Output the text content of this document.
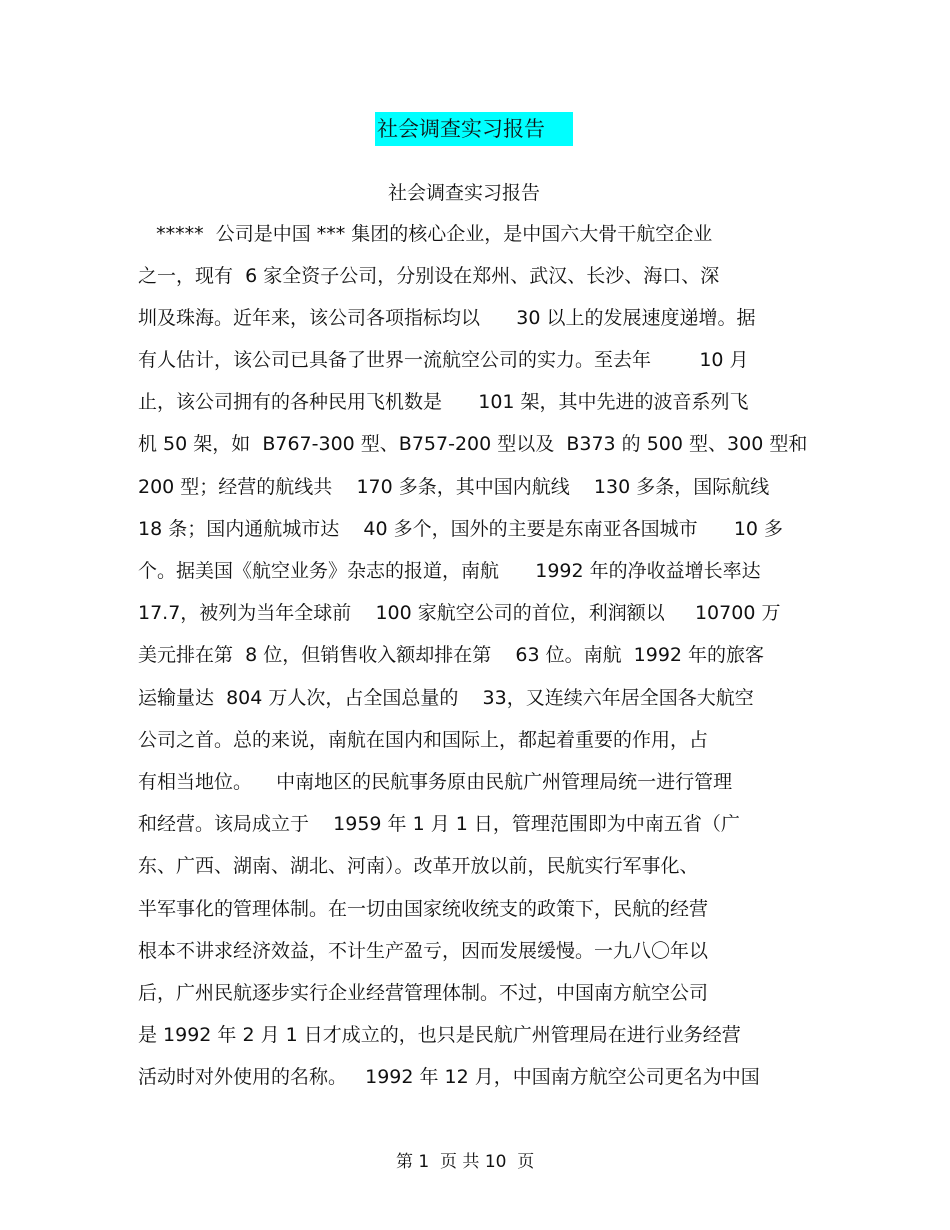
社会调查实习报告
社会调查实习报告
*****  公司是中国 *** 集团的核心企业，是中国六大骨干航空企业
之一，现有  6 家全资子公司，分别设在郑州、武汉、长沙、海口、深
圳及珠海。近年来，该公司各项指标均以      30 以上的发展速度递增。据
有人估计，该公司已具备了世界一流航空公司的实力。至去年        10 月
止，该公司拥有的各种民用飞机数是      101 架，其中先进的波音系列飞
机 50 架，如  B767-300 型、B757-200 型以及  B373 的 500 型、300 型和
200 型；经营的航线共    170 多条，其中国内航线    130 多条，国际航线
18 条；国内通航城市达    40 多个，国外的主要是东南亚各国城市      10 多
个。据美国《航空业务》杂志的报道，南航      1992 年的净收益增长率达
17.7，被列为当年全球前    100 家航空公司的首位，利润额以     10700 万
美元排在第  8 位，但销售收入额却排在第    63 位。南航  1992 年的旅客
运输量达  804 万人次，占全国总量的    33，又连续六年居全国各大航空
公司之首。总的来说，南航在国内和国际上，都起着重要的作用，占
有相当地位。    中南地区的民航事务原由民航广州管理局统一进行管理
和经营。该局成立于    1959 年 1 月 1 日，管理范围即为中南五省（广
东、广西、湖南、湖北、河南）。改革开放以前，民航实行军事化、
半军事化的管理体制。在一切由国家统收统支的政策下，民航的经营
根本不讲求经济效益，不计生产盈亏，因而发展缓慢。一九八〇年以
后，广州民航逐步实行企业经营管理体制。不过，中国南方航空公司
是 1992 年 2 月 1 日才成立的，也只是民航广州管理局在进行业务经营
活动时对外使用的名称。   1992 年 12 月，中国南方航空公司更名为中国
第 1  页 共 10  页
